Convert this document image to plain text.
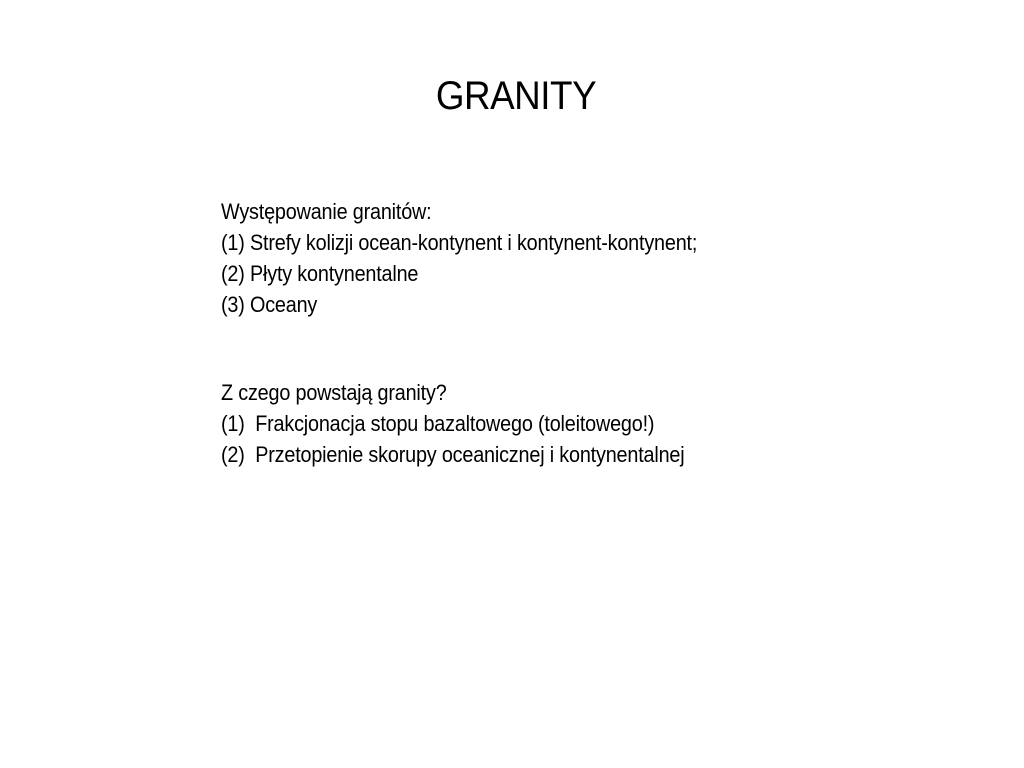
GRANITY
Występowanie granitów:
(1) Strefy kolizji ocean-kontynent i kontynent-kontynent;
(2) Płyty kontynentalne
(3) Oceany
Z czego powstają granity?
(1) Frakcjonacja stopu bazaltowego (toleitowego!)
(2) Przetopienie skorupy oceanicznej i kontynentalnej
